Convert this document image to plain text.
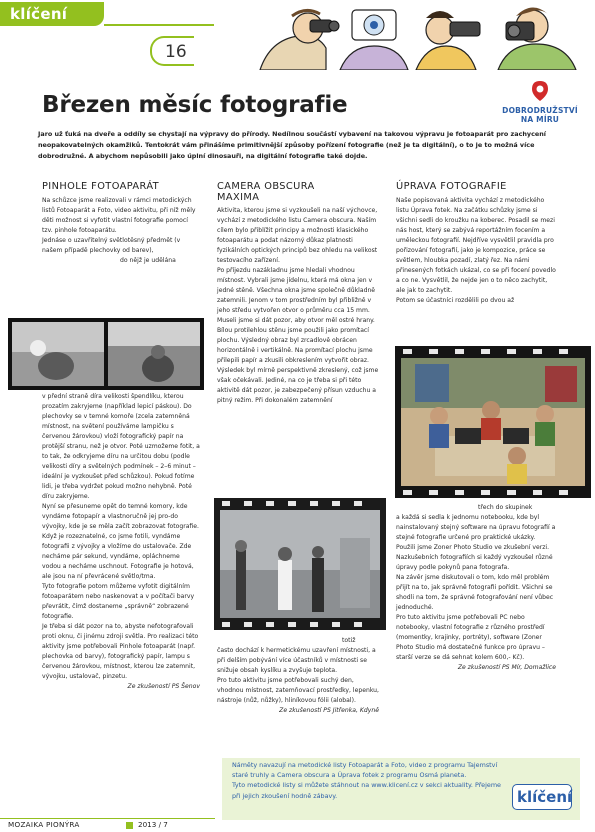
klíčení
16
DOBRODRUŽSTVÍ
NA MÍRU
Březen měsíc fotografie
Jaro už ťuká na dveře a oddíly se chystají na výpravy do přírody. Nedílnou součástí vybavení na takovou výpravu je fotoaparát pro zachycení neopakovatelných okamžiků. Tentokrát vám přinášíme primitivnější způsoby pořízení fotografie (než je ta digitální), o to je to možná více dobrodružné. A abychom nepůsobili jako úplní dinosauři, na digitální fotografie také dojde.
PINHOLE FOTOAPARÁT

Na schůzce jsme realizovali v rámci metodických listů Fotoaparát a Foto, video aktivitu, při níž měly děti možnost si vyfotit vlastní fotografie pomocí tzv. pinhole fotoaparátu.

Jednáse o uzavřitelný světlotěsný předmět (v našem případě plechovky od barev),

do nějž je udělána

v přední straně díra velikosti špendlíku, kterou prozatím zakryjeme (například lepicí páskou). Do plechovky se v temné komoře (zcela zatemněná místnost, na světení používáme lampičku s červenou žárovkou) vloží fotografický papír na protější stranu, než je otvor. Poté uzmožeme fotit, a to tak, že odkryjeme díru na určitou dobu (podle velikosti díry a světelných podmínek – 2–6 minut – ideální je vyzkoušet před schůzkou). Pokud fotíme lidi, je třeba vydržet pokud možno nehybně. Poté díru zakryjeme.

Nyní se přesuneme opět do temné komory, kde vyndáme fotopapír a vlastnoručně jej pro-do vývojky, kde je se měla začít zobrazovat fotografie. Když je rozeznatelné, co jsme fotili, vyndáme fotografii z vývojky a vložíme do ustalovače. Zde necháme pár sekund, vyndáme, opláchneme vodou a necháme uschnout. Fotografie je hotová, ale jsou na ní převrácené světlo/tma.

Tyto fotografie potom můžeme vyfotit digitálním fotoaparátem nebo naskenovat a v počítači barvy převrátit, čímž dostaneme „správně“ zobrazené fotografie.

Je třeba si dát pozor na to, abyste nefotografovali proti oknu, či jinému zdroji světla. Pro realizaci této aktivity jsme potřebovali Pinhole fotoaparát (např. plechovka od barvy), fotografický papír, lampu s červenou žárovkou, místnost, kterou lze zatemnit, vývojku, ustalovač, pinzetu.

Ze zkušeností PS Šenov

CAMERA OBSCURA
MAXIMA

Aktivita, kterou jsme si vyzkoušeli na naší výchovce, vychází z metodického listu Camera obscura. Naším cílem bylo přiblížit principy a možnosti klasického fotoaparátu a podat názorný důkaz platnosti fyzikálních optických principů bez ohledu na velikost testovacího zařízení.

Po příjezdu nazákladnu jsme hledali vhodnou místnost. Vybrali jsme jídelnu, která má okna jen v jedné stěně. Všechna okna jsme společně důkladně zatemnili. Jenom v tom prostředním byl přibližně v jeho středu vytvořen otvor o průměru cca 15 mm. Museli jsme si dát pozor, aby otvor měl ostré hrany. Bílou protilehlou stěnu jsme použili jako promítací plochu. Výsledný obraz byl zrcadlově obrácen horizontálně i vertikálně. Na promítací plochu jsme přilepili papír a zkusili obkreslením vytvořit obraz. Výsledek byl mírně perspektivně zkreslený, což jsme však očekávali. Jediné, na co je třeba si při této aktivitě dát pozor, je zabezpečený přísun vzduchu a pitný režim. Při dokonalém zatemnění

totiž

často dochází k hermetickému uzavření místnosti, a při delším pobývání více účastníků v místnosti se snižuje obsah kyslíku a zvyšuje teplota.

Pro tuto aktivitu jsme potřebovali suchý den, vhodnou místnost, zatemňovací prostředky, lepenku, nástroje (nůž, nůžky), hliníkovou fólii (alobal).

Ze zkušeností PS Jitřenka, Kdyně

ÚPRAVA FOTOGRAFIE

Naše popisovaná aktivita vychází z metodického listu Úprava fotek. Na začátku schůzky jsme si všichni sedli do kroužku na koberec. Posadil se mezi nás host, který se zabývá reportážním focením a uměleckou fotografií. Nejdříve vysvětlil pravidla pro pořizování fotografií, jako je kompozice, práce se světlem, hloubka pozadí, zlatý řez. Na námi přinesených fotkách ukázal, co se při focení povedlo a co ne. Vysvětlil, že nejde jen o to něco zachytit, ale jak to zachytit.

Potom se účastníci rozdělili po dvou až

třech do skupinek

a každá si sedla k jednomu notebooku, kde byl nainstalovaný stejný software na úpravu fotografií a stejné fotografie určené pro praktické ukázky. Použili jsme Zoner Photo Studio ve zkušební verzi. Nazkušebních fotografiích si každý vyzkoušel různé úpravy podle pokynů pana fotografa.

Na závěr jsme diskutovali o tom, kdo měl problém přijít na to, jak správně fotografii pořídit. Všichni se shodli na tom, že správné fotografování není vůbec jednoduché.

Pro tuto aktivitu jsme potřebovali PC nebo notebooky, vlastní fotografie z různého prostředí (momentky, krajinky, portréty), software (Zoner Photo Studio má dostatečné funkce pro úpravu – starší verze se dá sehnat kolem 600,- Kč).

Ze zkušeností PS Mír, Domažlice

Náměty navazují na metodické listy Fotoaparát a Foto, video z programu Tajemství staré truhly a Camera obscura a Úprava fotek z programu Osmá planeta.

Tyto metodické listy si můžete stáhnout na www.klicení.cz v sekci aktuality. Přejeme při jejich zkoušení hodně zábavy.	klíčení
MOZAIKA PIONÝRA	2013 / 7
